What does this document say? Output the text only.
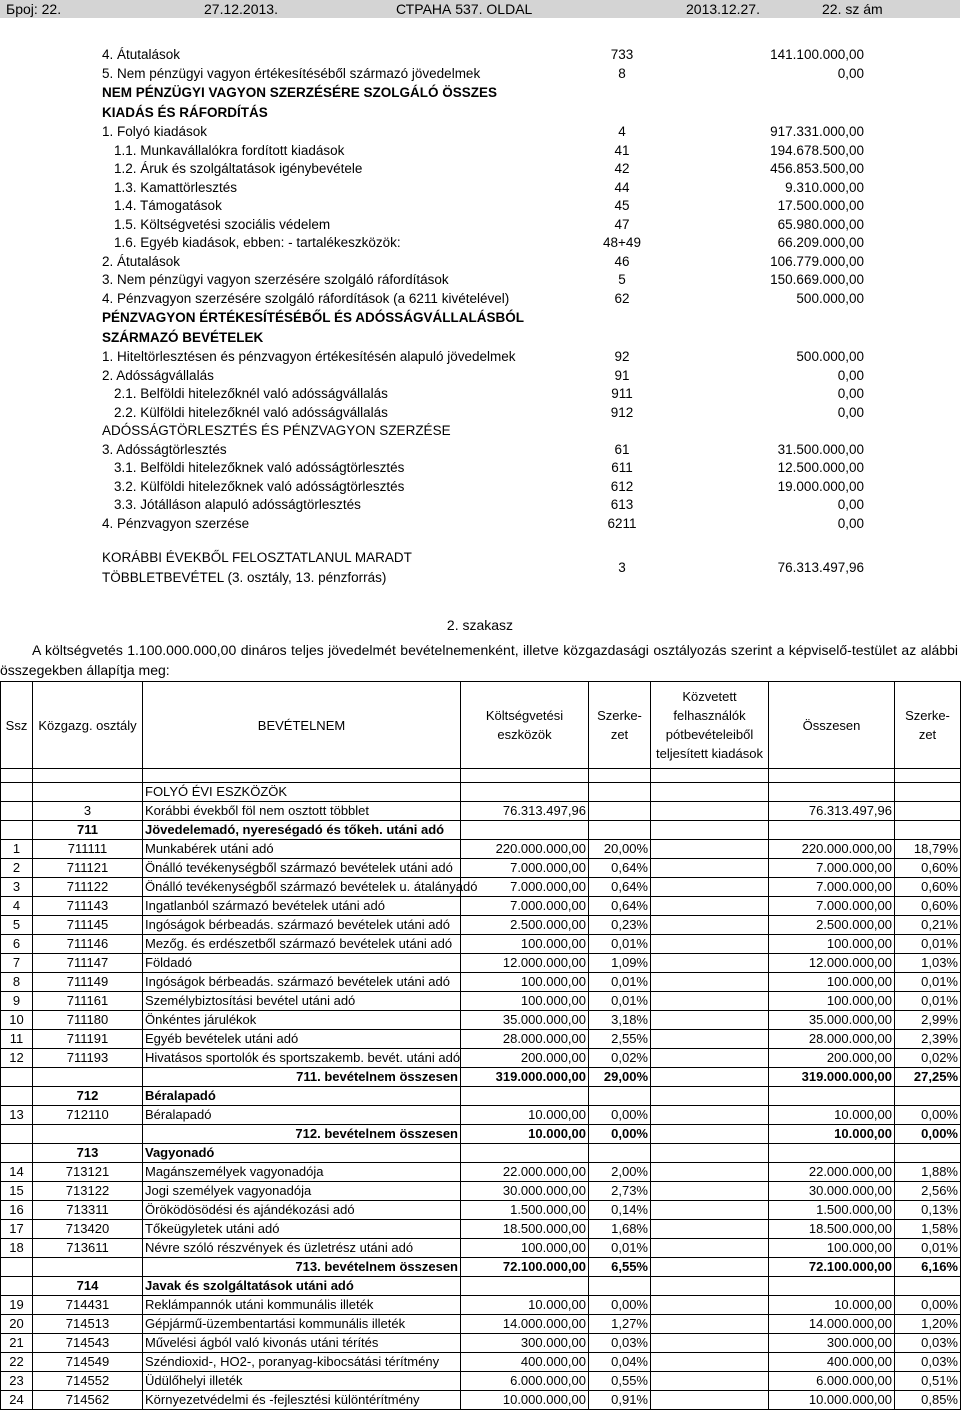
Број: 22.	27.12.2013.	СТРАНА 537. OLDAL	2013.12.27.	22. sz ám
4. Átutalások	733	141.100.000,00
5. Nem pénzügyi vagyon értékesítéséből származó jövedelmek	8	0,00
NEM PÉNZÜGYI VAGYON SZERZÉSÉRE SZOLGÁLÓ ÖSSZES KIADÁS ÉS RÁFORDÍTÁS
1. Folyó kiadások	4	917.331.000,00
1.1. Munkavállalókra fordított kiadások	41	194.678.500,00
1.2. Áruk és szolgáltatások igénybevétele	42	456.853.500,00
1.3. Kamattörlesztés	44	9.310.000,00
1.4. Támogatások	45	17.500.000,00
1.5. Költségvetési szociális védelem	47	65.980.000,00
1.6. Egyéb kiadások, ebben: - tartalékeszközök:	48+49	66.209.000,00
2. Átutalások	46	106.779.000,00
3. Nem pénzügyi vagyon szerzésére szolgáló ráfordítások	5	150.669.000,00
4. Pénzvagyon szerzésére szolgáló ráfordítások (a 6211 kivételével)	62	500.000,00
PÉNZVAGYON ÉRTÉKESÍTÉSÉBŐL ÉS ADÓSSÁGVÁLLALÁSBÓL SZÁRMAZÓ BEVÉTELEK
1. Hiteltörlesztésen és pénzvagyon értékesítésén alapuló jövedelmek	92	500.000,00
2. Adósságvállalás	91	0,00
2.1. Belföldi hitelezőknél való adósságvállalás	911	0,00
2.2. Külföldi hitelezőknél való adósságvállalás	912	0,00
ADÓSSÁGTÖRLESZTÉS ÉS PÉNZVAGYON SZERZÉSE
3. Adósságtörlesztés	61	31.500.000,00
3.1. Belföldi hitelezőknek való adósságtörlesztés	611	12.500.000,00
3.2. Külföldi hitelezőknek való adósságtörlesztés	612	19.000.000,00
3.3. Jótálláson alapuló adósságtörlesztés	613	0,00
4. Pénzvagyon szerzése	6211	0,00
KORÁBBI ÉVEKBŐL FELOSZTATLANUL MARADT TÖBBLETBEVÉTEL (3. osztály, 13. pénzforrás)
3	76.313.497,96
2. szakasz
A költségvetés 1.100.000.000,00 dináros teljes jövedelmét bevételnemenként, illetve közgazdasági osztályozás szerint a képviselő-testület az alábbi összegekben állapítja meg:
Ssz	Közgazg. osztály	BEVÉTELNEM	Költségvetési eszközök	Szerke-zet	Közvetett felhasználók pótbevételeiből teljesített kiadások	Összesen	Szerke-zet

		FOLYÓ ÉVI ESZKÖZÖK					
	3	Korábbi évekből föl nem osztott többlet	76.313.497,96			76.313.497,96	
	711	Jövedelemadó, nyereségadó és tőkeh. utáni adó					
1	711111	Munkabérek utáni adó	220.000.000,00	20,00%		220.000.000,00	18,79%
2	711121	Önálló tevékenységből származó bevételek utáni adó	7.000.000,00	0,64%		7.000.000,00	0,60%
3	711122	Önálló tevékenységből származó bevételek u. átalányadó	7.000.000,00	0,64%		7.000.000,00	0,60%
4	711143	Ingatlanból származó bevételek utáni adó	7.000.000,00	0,64%		7.000.000,00	0,60%
5	711145	Ingóságok bérbeadás. származó bevételek utáni adó	2.500.000,00	0,23%		2.500.000,00	0,21%
6	711146	Mezőg. és erdészetből származó bevételek utáni adó	100.000,00	0,01%		100.000,00	0,01%
7	711147	Földadó	12.000.000,00	1,09%		12.000.000,00	1,03%
8	711149	Ingóságok bérbeadás. származó bevételek utáni adó	100.000,00	0,01%		100.000,00	0,01%
9	711161	Személybiztosítási bevétel utáni adó	100.000,00	0,01%		100.000,00	0,01%
10	711180	Önkéntes járulékok	35.000.000,00	3,18%		35.000.000,00	2,99%
11	711191	Egyéb bevételek utáni adó	28.000.000,00	2,55%		28.000.000,00	2,39%
12	711193	Hivatásos sportolók és sportszakemb. bevét. utáni adó	200.000,00	0,02%		200.000,00	0,02%
		711. bevételnem összesen	319.000.000,00	29,00%		319.000.000,00	27,25%
	712	Béralapadó					
13	712110	Béralapadó	10.000,00	0,00%		10.000,00	0,00%
		712. bevételnem összesen	10.000,00	0,00%		10.000,00	0,00%
	713	Vagyonadó					
14	713121	Magánszemélyek vagyonadója	22.000.000,00	2,00%		22.000.000,00	1,88%
15	713122	Jogi személyek vagyonadója	30.000.000,00	2,73%		30.000.000,00	2,56%
16	713311	Öröködösödési és ajándékozási adó	1.500.000,00	0,14%		1.500.000,00	0,13%
17	713420	Tőkeügyletek utáni adó	18.500.000,00	1,68%		18.500.000,00	1,58%
18	713611	Névre szóló részvények és üzletrész utáni adó	100.000,00	0,01%		100.000,00	0,01%
		713. bevételnem összesen	72.100.000,00	6,55%		72.100.000,00	6,16%
	714	Javak és szolgáltatások utáni adó					
19	714431	Reklámpannók utáni kommunális illeték	10.000,00	0,00%		10.000,00	0,00%
20	714513	Gépjármű-üzembentartási kommunális illeték	14.000.000,00	1,27%		14.000.000,00	1,20%
21	714543	Művelési ágból való kivonás utáni térítés	300.000,00	0,03%		300.000,00	0,03%
22	714549	Széndioxid-, HO2-, poranyag-kibocsátási térítmény	400.000,00	0,04%		400.000,00	0,03%
23	714552	Üdülőhelyi illeték	6.000.000,00	0,55%		6.000.000,00	0,51%
24	714562	Környezetvédelmi és -fejlesztési különtérítmény	10.000.000,00	0,91%		10.000.000,00	0,85%
